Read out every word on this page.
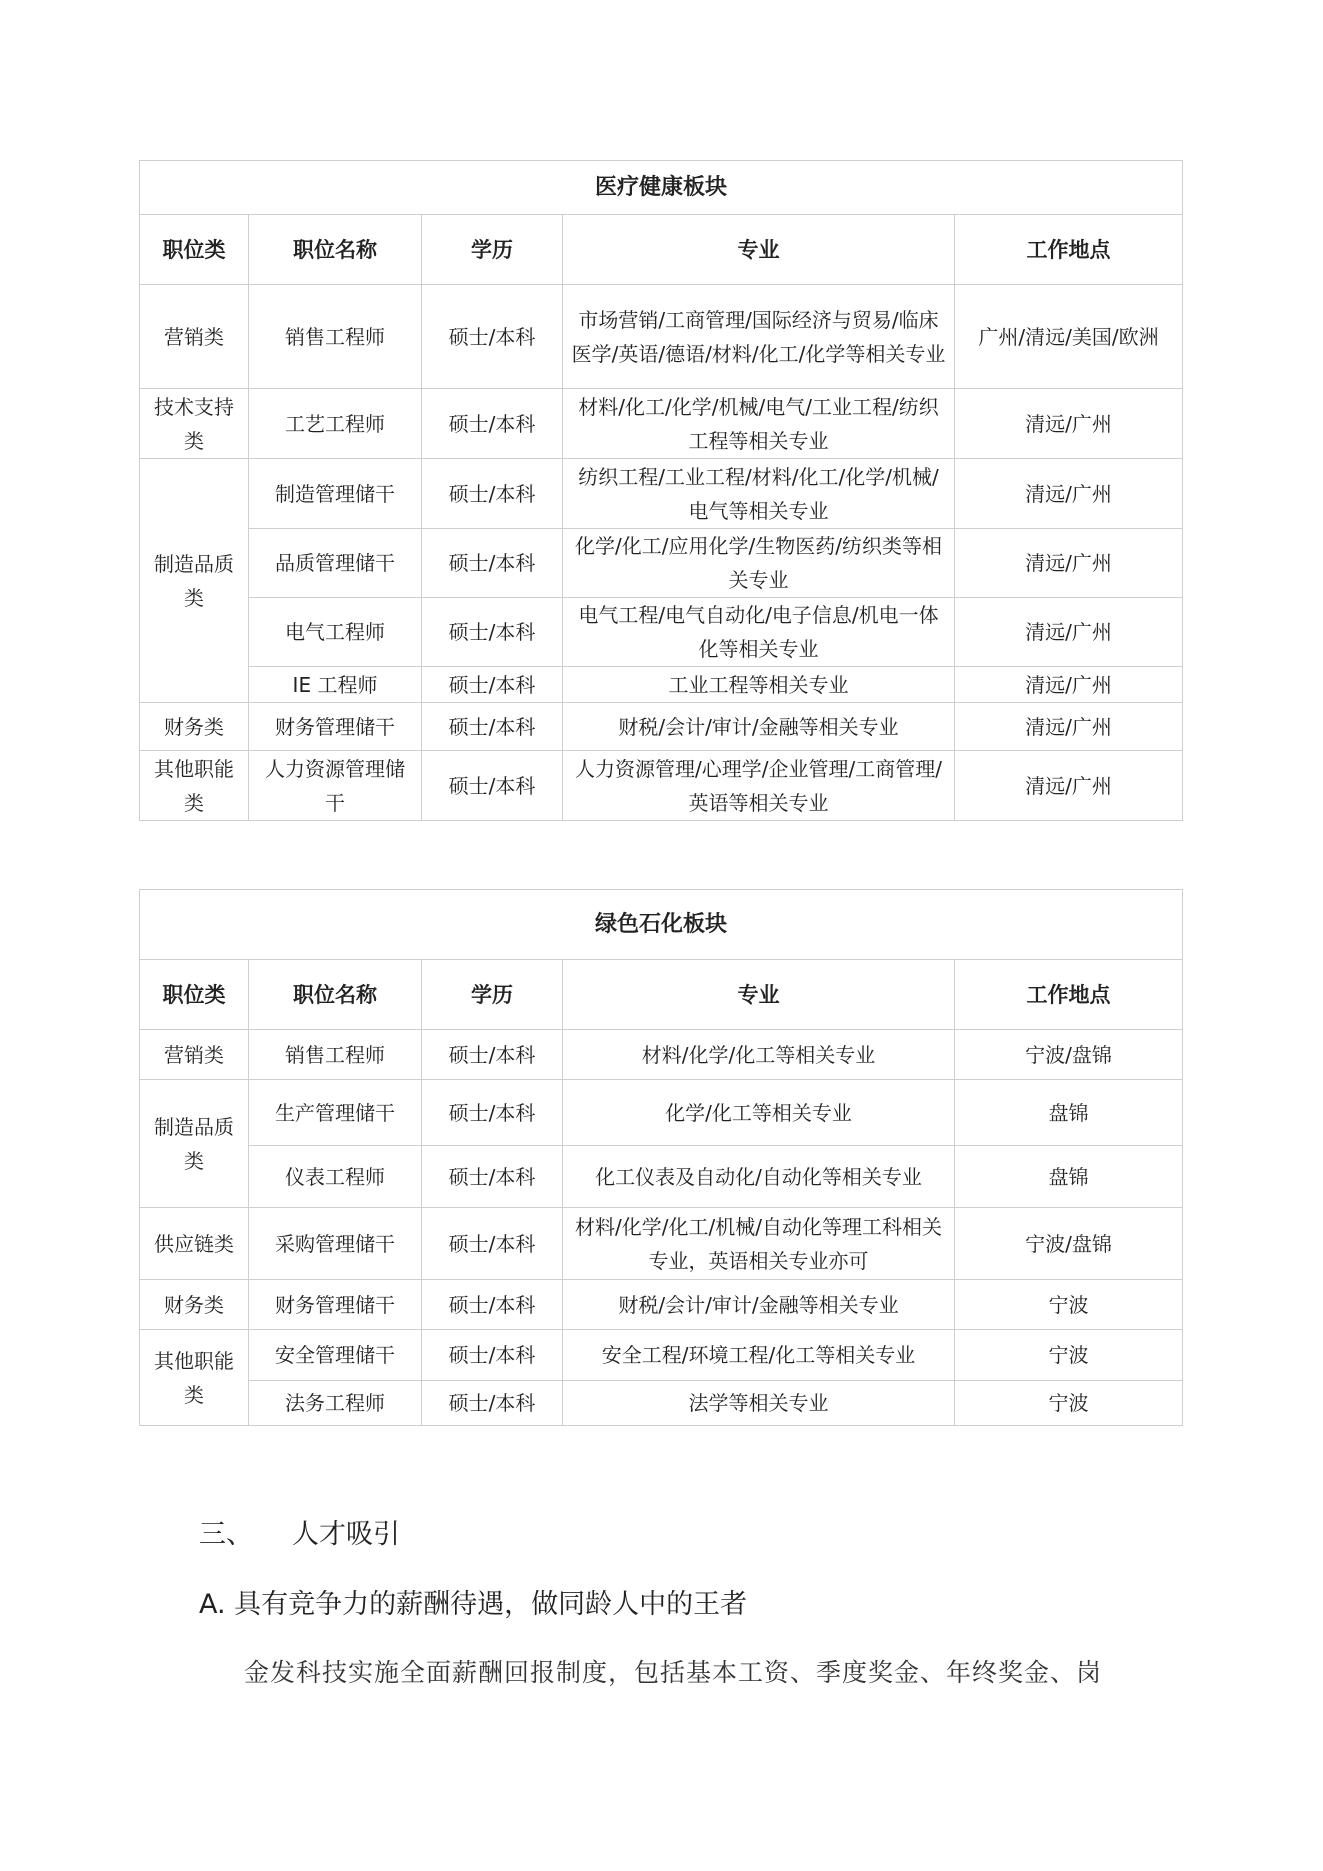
医疗健康板块				
职位类	职位名称	学历	专业	工作地点
营销类	销售工程师	硕士/本科	市场营销/工商管理/国际经济与贸易/临床医学/英语/德语/材料/化工/化学等相关专业	广州/清远/美国/欧洲
技术支持类	工艺工程师	硕士/本科	材料/化工/化学/机械/电气/工业工程/纺织工程等相关专业	清远/广州
制造品质类	制造管理储干	硕士/本科	纺织工程/工业工程/材料/化工/化学/机械/电气等相关专业	清远/广州
	品质管理储干	硕士/本科	化学/化工/应用化学/生物医药/纺织类等相关专业	清远/广州
	电气工程师	硕士/本科	电气工程/电气自动化/电子信息/机电一体化等相关专业	清远/广州
	IE 工程师	硕士/本科	工业工程等相关专业	清远/广州
财务类	财务管理储干	硕士/本科	财税/会计/审计/金融等相关专业	清远/广州
其他职能类	人力资源管理储干	硕士/本科	人力资源管理/心理学/企业管理/工商管理/英语等相关专业	清远/广州
绿色石化板块				
职位类	职位名称	学历	专业	工作地点
营销类	销售工程师	硕士/本科	材料/化学/化工等相关专业	宁波/盘锦
制造品质类	生产管理储干	硕士/本科	化学/化工等相关专业	盘锦
	仪表工程师	硕士/本科	化工仪表及自动化/自动化等相关专业	盘锦
供应链类	采购管理储干	硕士/本科	材料/化学/化工/机械/自动化等理工科相关专业，英语相关专业亦可	宁波/盘锦
财务类	财务管理储干	硕士/本科	财税/会计/审计/金融等相关专业	宁波
其他职能类	安全管理储干	硕士/本科	安全工程/环境工程/化工等相关专业	宁波
	法务工程师	硕士/本科	法学等相关专业	宁波
三、 人才吸引
A. 具有竞争力的薪酬待遇，做同龄人中的王者
金发科技实施全面薪酬回报制度，包括基本工资、季度奖金、年终奖金、岗
